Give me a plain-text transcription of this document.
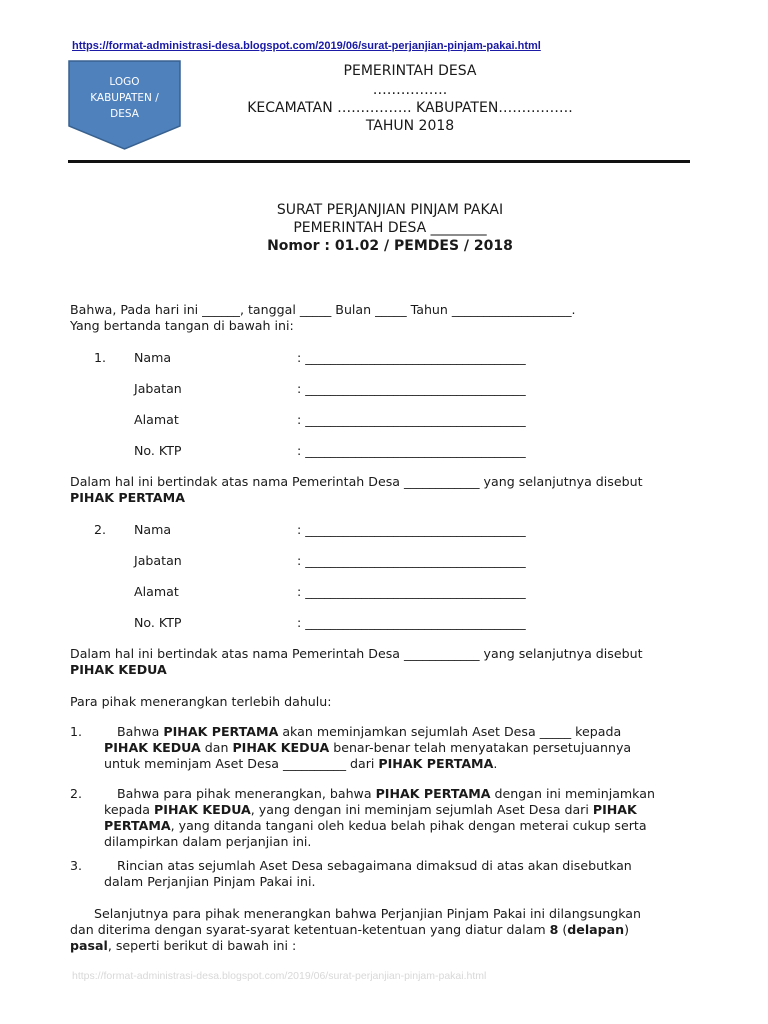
https://format-administrasi-desa.blogspot.com/2019/06/surat-perjanjian-pinjam-pakai.html
LOGO
KABUPATEN /
DESA
PEMERINTAH DESA
…………….
KECAMATAN ……………. KABUPATEN…………….
TAHUN 2018
SURAT PERJANJIAN PINJAM PAKAI
PEMERINTAH DESA ________
Nomor : 01.02 / PEMDES / 2018
Bahwa, Pada hari ini ______, tanggal _____ Bulan _____ Tahun ___________________.
Yang bertanda tangan di bawah ini:
1. Nama	: ___________________________________
Jabatan	: ___________________________________
Alamat	: ___________________________________
No. KTP	: ___________________________________
Dalam hal ini bertindak atas nama Pemerintah Desa ____________ yang selanjutnya disebut
PIHAK PERTAMA
2. Nama	: ___________________________________
Jabatan	: ___________________________________
Alamat	: ___________________________________
No. KTP	: ___________________________________
Dalam hal ini bertindak atas nama Pemerintah Desa ____________ yang selanjutnya disebut
PIHAK KEDUA
Para pihak menerangkan terlebih dahulu:
1.	Bahwa PIHAK PERTAMA akan meminjamkan sejumlah Aset Desa _____ kepada
PIHAK KEDUA dan PIHAK KEDUA benar-benar telah menyatakan persetujuannya
untuk meminjam Aset Desa __________ dari PIHAK PERTAMA.
2.	Bahwa para pihak menerangkan, bahwa PIHAK PERTAMA dengan ini meminjamkan
kepada PIHAK KEDUA, yang dengan ini meminjam sejumlah Aset Desa dari PIHAK
PERTAMA, yang ditanda tangani oleh kedua belah pihak dengan meterai cukup serta
dilampirkan dalam perjanjian ini.
3.	Rincian atas sejumlah Aset Desa sebagaimana dimaksud di atas akan disebutkan
dalam Perjanjian Pinjam Pakai ini.
Selanjutnya para pihak menerangkan bahwa Perjanjian Pinjam Pakai ini dilangsungkan
dan diterima dengan syarat-syarat ketentuan-ketentuan yang diatur dalam 8 (delapan)
pasal, seperti berikut di bawah ini :
https://format-administrasi-desa.blogspot.com/2019/06/surat-perjanjian-pinjam-pakai.html
